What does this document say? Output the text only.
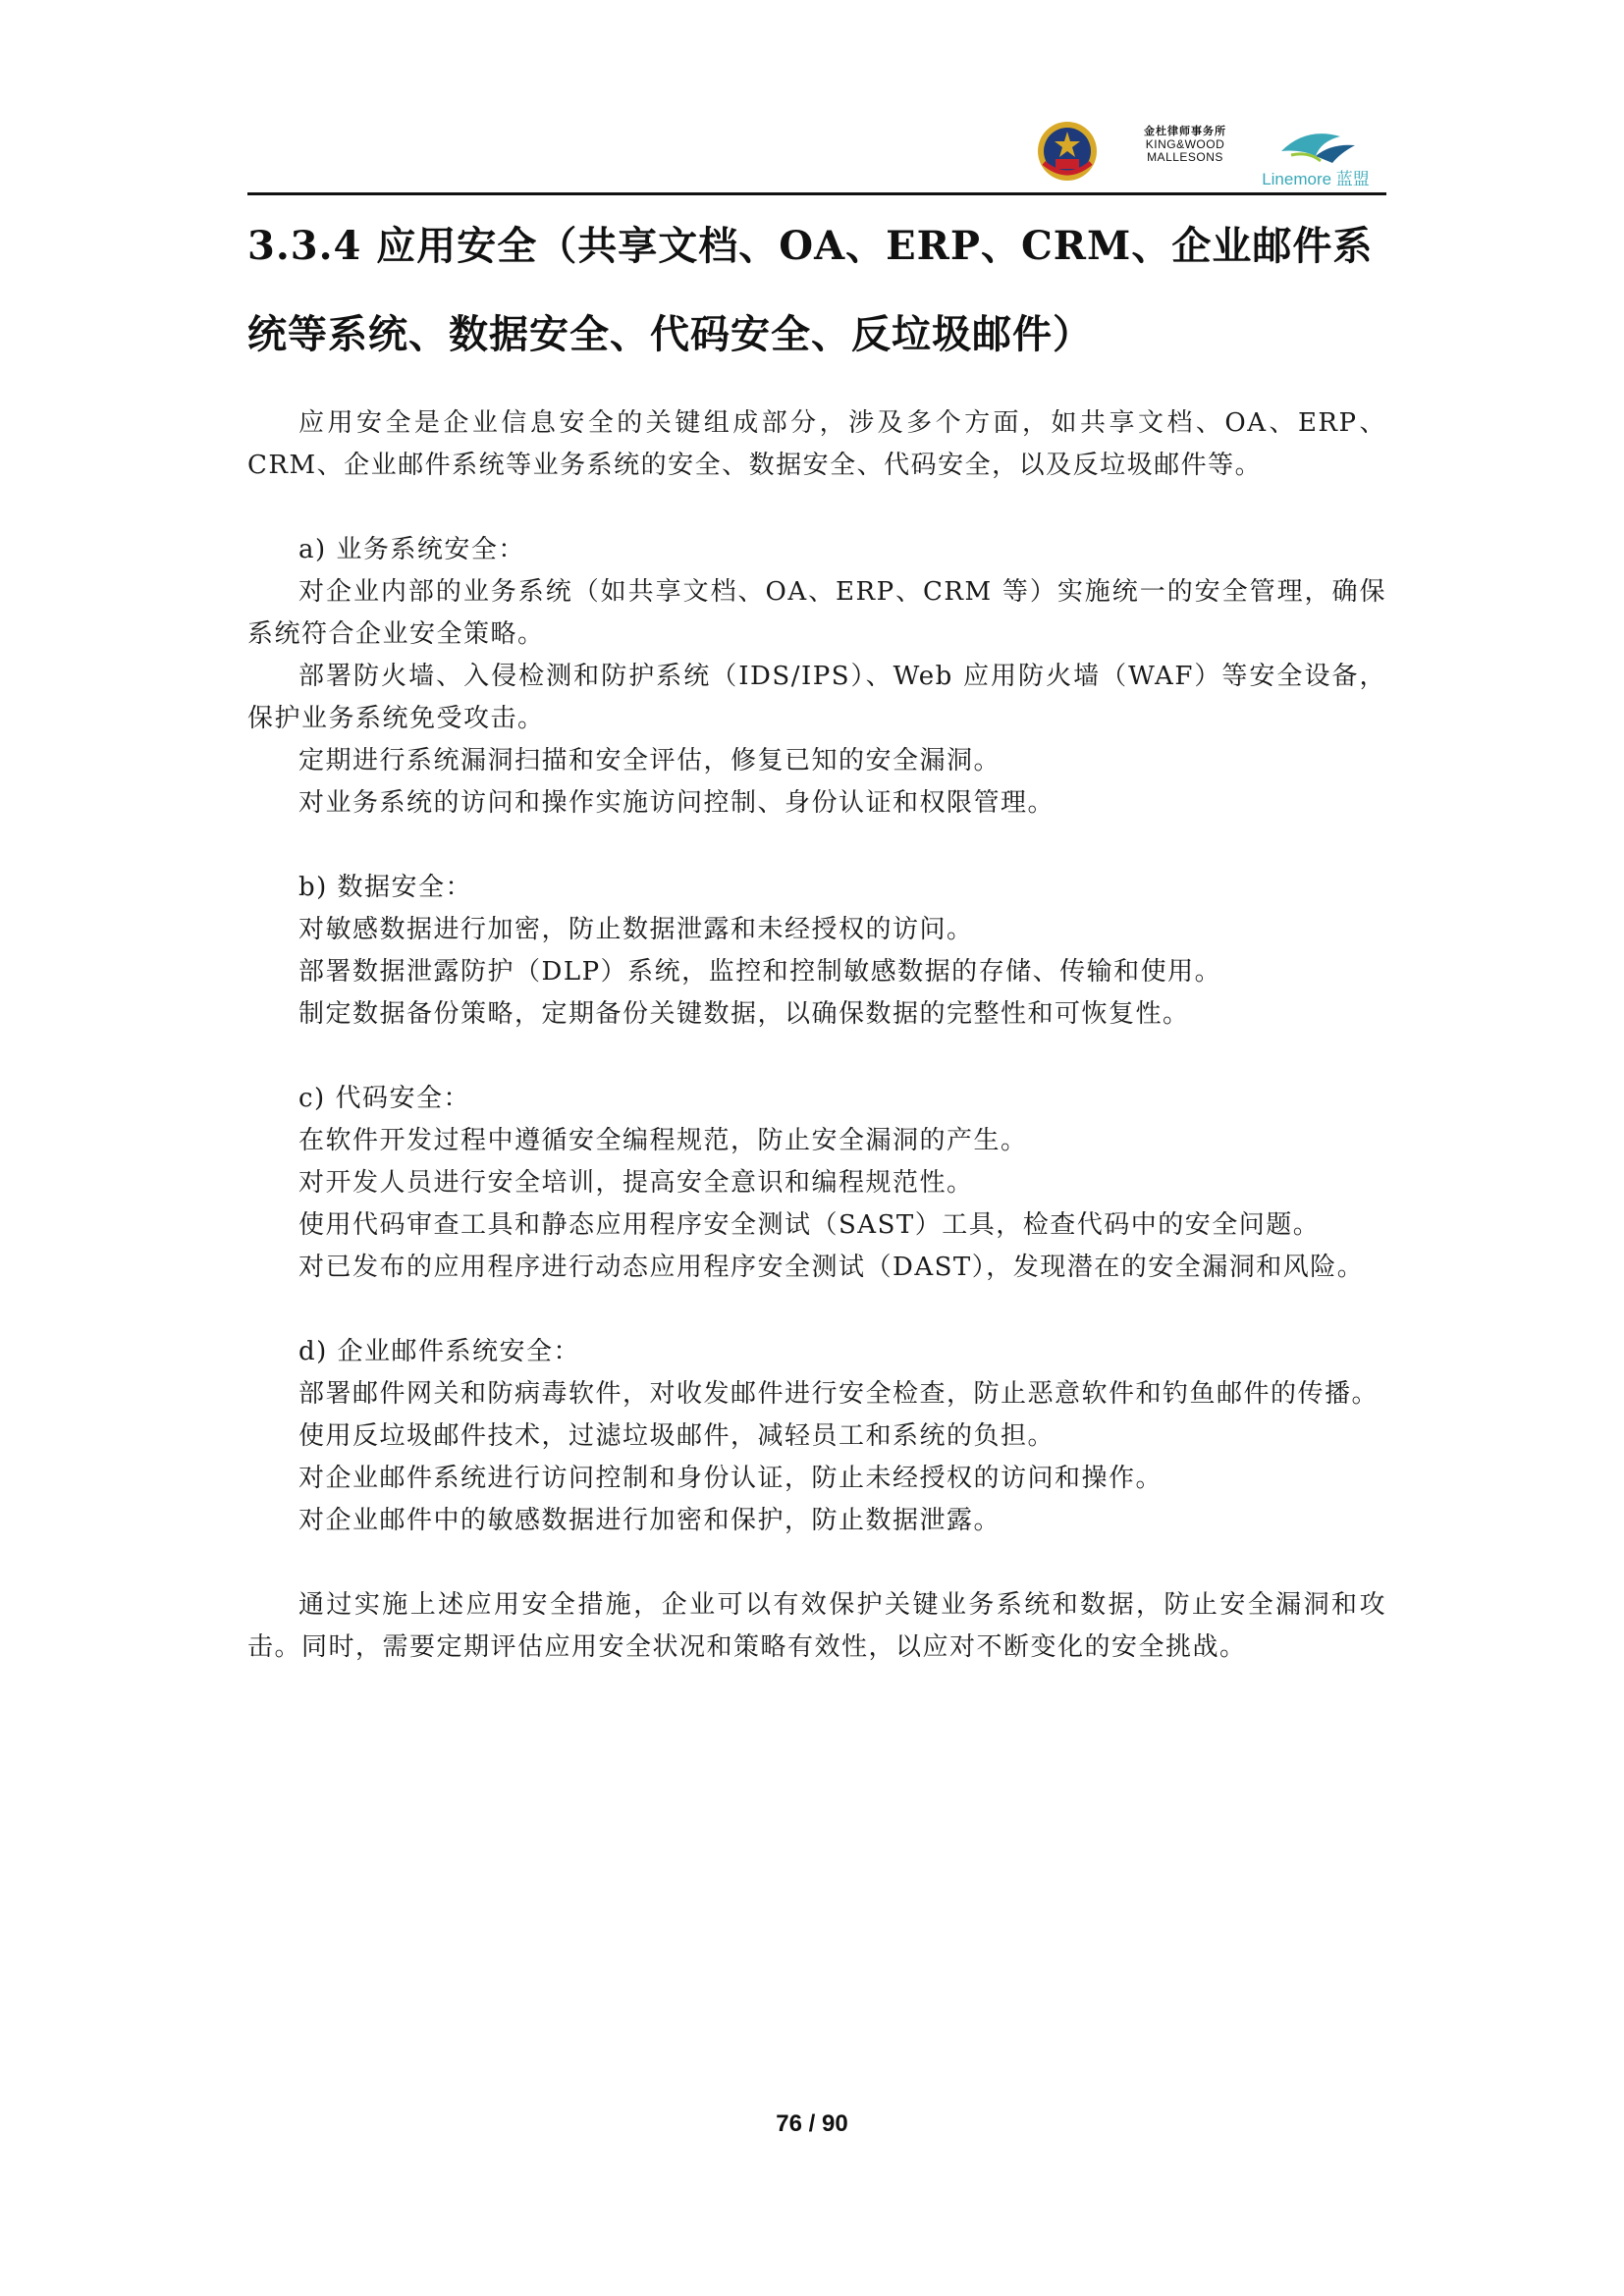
金杜律师事务所
KING&WOOD
MALLESONS
Linemore 蓝盟
3.3.4 应用安全（共享文档、OA、ERP、CRM、企业邮件系统等系统、数据安全、代码安全、反垃圾邮件）

应用安全是企业信息安全的关键组成部分，涉及多个方面，如共享文档、OA、ERP、CRM、企业邮件系统等业务系统的安全、数据安全、代码安全，以及反垃圾邮件等。

a) 业务系统安全：

对企业内部的业务系统（如共享文档、OA、ERP、CRM 等）实施统一的安全管理，确保系统符合企业安全策略。

部署防火墙、入侵检测和防护系统（IDS/IPS）、Web 应用防火墙（WAF）等安全设备，保护业务系统免受攻击。

定期进行系统漏洞扫描和安全评估，修复已知的安全漏洞。

对业务系统的访问和操作实施访问控制、身份认证和权限管理。

b) 数据安全：

对敏感数据进行加密，防止数据泄露和未经授权的访问。

部署数据泄露防护（DLP）系统，监控和控制敏感数据的存储、传输和使用。

制定数据备份策略，定期备份关键数据，以确保数据的完整性和可恢复性。

c) 代码安全：

在软件开发过程中遵循安全编程规范，防止安全漏洞的产生。

对开发人员进行安全培训，提高安全意识和编程规范性。

使用代码审查工具和静态应用程序安全测试（SAST）工具，检查代码中的安全问题。

对已发布的应用程序进行动态应用程序安全测试（DAST），发现潜在的安全漏洞和风险。

d) 企业邮件系统安全：

部署邮件网关和防病毒软件，对收发邮件进行安全检查，防止恶意软件和钓鱼邮件的传播。

使用反垃圾邮件技术，过滤垃圾邮件，减轻员工和系统的负担。

对企业邮件系统进行访问控制和身份认证，防止未经授权的访问和操作。

对企业邮件中的敏感数据进行加密和保护，防止数据泄露。

通过实施上述应用安全措施，企业可以有效保护关键业务系统和数据，防止安全漏洞和攻击。同时，需要定期评估应用安全状况和策略有效性，以应对不断变化的安全挑战。

76 / 90
